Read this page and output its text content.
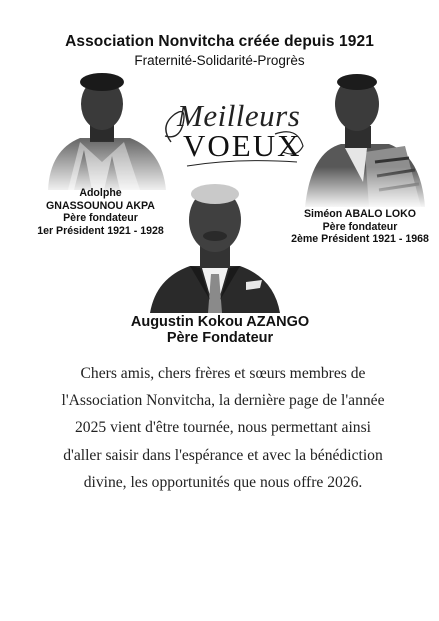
Association Nonvitcha créée depuis 1921
Fraternité-Solidarité-Progrès
Meilleurs
VOEUX
Adolphe
GNASSOUNOU AKPA
Père fondateur
1er Président 1921 - 1928
Siméon ABALO LOKO
Père fondateur
2ème Président 1921 - 1968
Augustin Kokou AZANGO
Père Fondateur
Chers amis, chers frères et sœurs membres de
l'Association Nonvitcha, la dernière page de l'année
2025 vient d'être tournée, nous permettant ainsi
d'aller saisir dans l'espérance et avec la bénédiction
divine, les opportunités que nous offre 2026.
